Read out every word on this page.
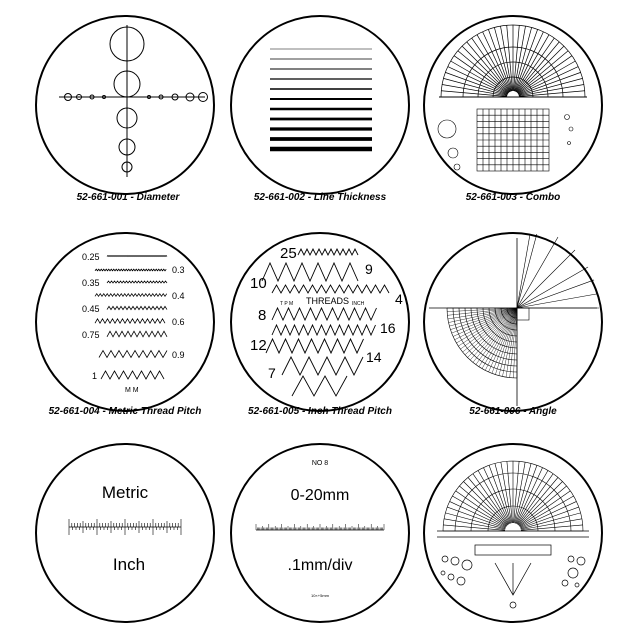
52-661-001 - Diameter	52-661-002 - Line Thickness	52-661-003 - Combo
0.25
0.35
0.45
0.75
1
0.3
0.4
0.6
0.9
M M
52-661-004 - Metric Thread Pitch
THREADS
T P M	INCH
25
9
10
4
8
16
12
14
7
52-661-005 - Inch Thread Pitch	52-661-006 - Angle
Metric
Inch
NO 8
0-20mm
.1mm/div
10×+5mm
